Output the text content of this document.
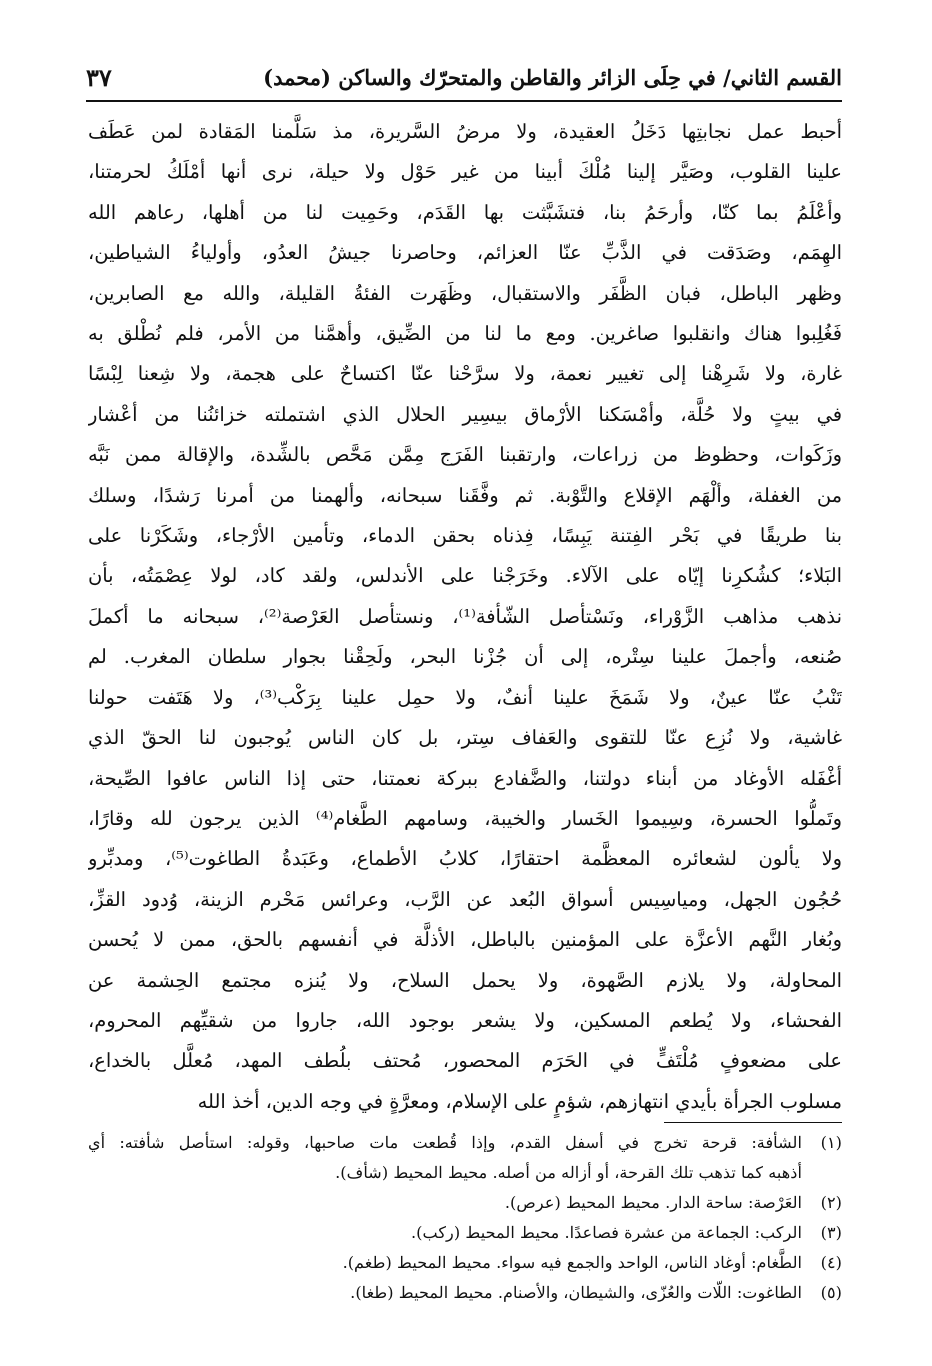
القسم الثاني/ في حِلَى الزائر والقاطن والمتحرّك والساكن (محمد)
٣٧
أحبط عمل نجابتِها دَخَلُ العقيدة، ولا مرضُ السَّريرة، مذ سَلَّمنا المَقادة لمن عَطَف
علينا القلوب، وصَيَّر إلينا مُلْكَ أبينا من غير حَوْل ولا حيلة، نرى أنها أمْلَكُ لحرمتنا،
وأعْلَمُ بما كنّا، وأرحَمُ بنا، فتشَبَّثت بها القَدَم، وحَمِيت لنا من أهلها، رعاهم الله
الهِمَم، وصَدَقت في الذَّبِّ عنّا العزائم، وحاصرنا جيشُ العدُو، وأولياءُ الشياطين،
وظهر الباطل، فبان الظَّفَر والاستقبال، وظَهَرت الفئةُ القليلة، والله مع الصابرين،
فَغُلِبوا هناك وانقلبوا صاغرين. ومع ما لنا من الضِّيق، وأهمَّنا من الأمر، فلم نُطْلق به
غارة، ولا شَرِهْنا إلى تغيير نعمة، ولا سرَّحْنا عنّا اكتساحٌ على هجمة، ولا شِعنا لِبْسًا
في بيتٍ ولا حُلَّة، وأمْسَكنا الأرْماق بيسِير الحلال الذي اشتملته خزائنُنا من أعْشار
وزَكَوات، وحظوظ من زراعات، وارتقبنا الفَرَج مِمَّن مَحَّص بالشِّدة، والإقالة ممن نَبَّه
من الغفلة، وألْهَم الإقلاع والتَّوْبة. ثم وفَّقَنا سبحانه، وألهمنا من أمرنا رَشدًا، وسلك
بنا طريقًا في بَحْر الفِتنة يَبِسًا، فِذناه بحقن الدماء، وتأمين الأرْجاء، وشَكَرْنا على
البَلاء؛ كشُكرِنا إيّاه على الآلاء. وخَرَجْنا على الأندلس، ولقد كاد، لولا عِصْمَتُه، بأن
نذهب مذاهب الزَّوْراء، ونَسْتأصل الشّأفة⁽¹⁾، ونستأصل العَرْصة⁽²⁾، سبحانه ما أكملَ
صُنعه، وأجملَ علينا سِتْره، إلى أن جُزْنا البحر، ولَحِقْنا بجوار سلطان المغرب. لم
تَنْبُ عنّا عينٌ، ولا شَمَخَ علينا أنفٌ، ولا حمِل علينا بِرَكْب⁽³⁾، ولا هَتَفت حولنا
غاشية، ولا نُزِع عنّا للتقوى والعَفاف سِتر، بل كان الناس يُوجبون لنا الحقّ الذي
أغْفَله الأوغاد من أبناء دولتنا، والضَّفادع ببركة نعمتنا، حتى إذا الناس عافوا الصِّيحة،
وتَملُّوا الحسرة، وسِيموا الخَسار والخيبة، وسامهم الطَّغام⁽⁴⁾ الذين يرجون لله وقارًا،
ولا يألون لشعائره المعظَّمة احتقارًا، كلابُ الأطماع، وعَبَدةُ الطاغوت⁽⁵⁾، ومدبِّرو
حُجُون الجهل، ومياسِيس أسواق البُعد عن الرَّب، وعرائس مَحْرم الزينة، وُدود القزِّ،
وبُغار النَّهم الأعزَّة على المؤمنين بالباطل، الأذلَّة في أنفسهم بالحق، ممن لا يُحسن
المحاولة، ولا يلازم الصَّهوة، ولا يحمل السلاح، ولا يُنزه مجتمع الحِشمة عن
الفحشاء، ولا يُطعم المسكين، ولا يشعر بوجود الله، جاروا من شقيِّهم المحروم،
على مضعوفٍ مُلْتَفٍّ في الحَرَم المحصور، مُحتف بلُطف المهد، مُعلَّل بالخداع،
مسلوب الجرأة بأيدي انتهازهم، شؤمٍ على الإسلام، ومعرَّةٍ في وجه الدين، أخذ الله
(١)الشأفة: قرحة تخرج في أسفل القدم، وإذا قُطعت مات صاحبها، وقوله: استأصل شأفته: أي
أذهبه كما تذهب تلك القرحة، أو أزاله من أصله. محيط المحيط (شأف).
(٢)العَرْصة: ساحة الدار. محيط المحيط (عرص).
(٣)الركب: الجماعة من عشرة فصاعدًا. محيط المحيط (ركب).
(٤)الطَّغام: أوغاد الناس، الواحد والجمع فيه سواء. محيط المحيط (طغم).
(٥)الطاغوت: اللّات والعُزّى، والشيطان، والأصنام. محيط المحيط (طغا).
